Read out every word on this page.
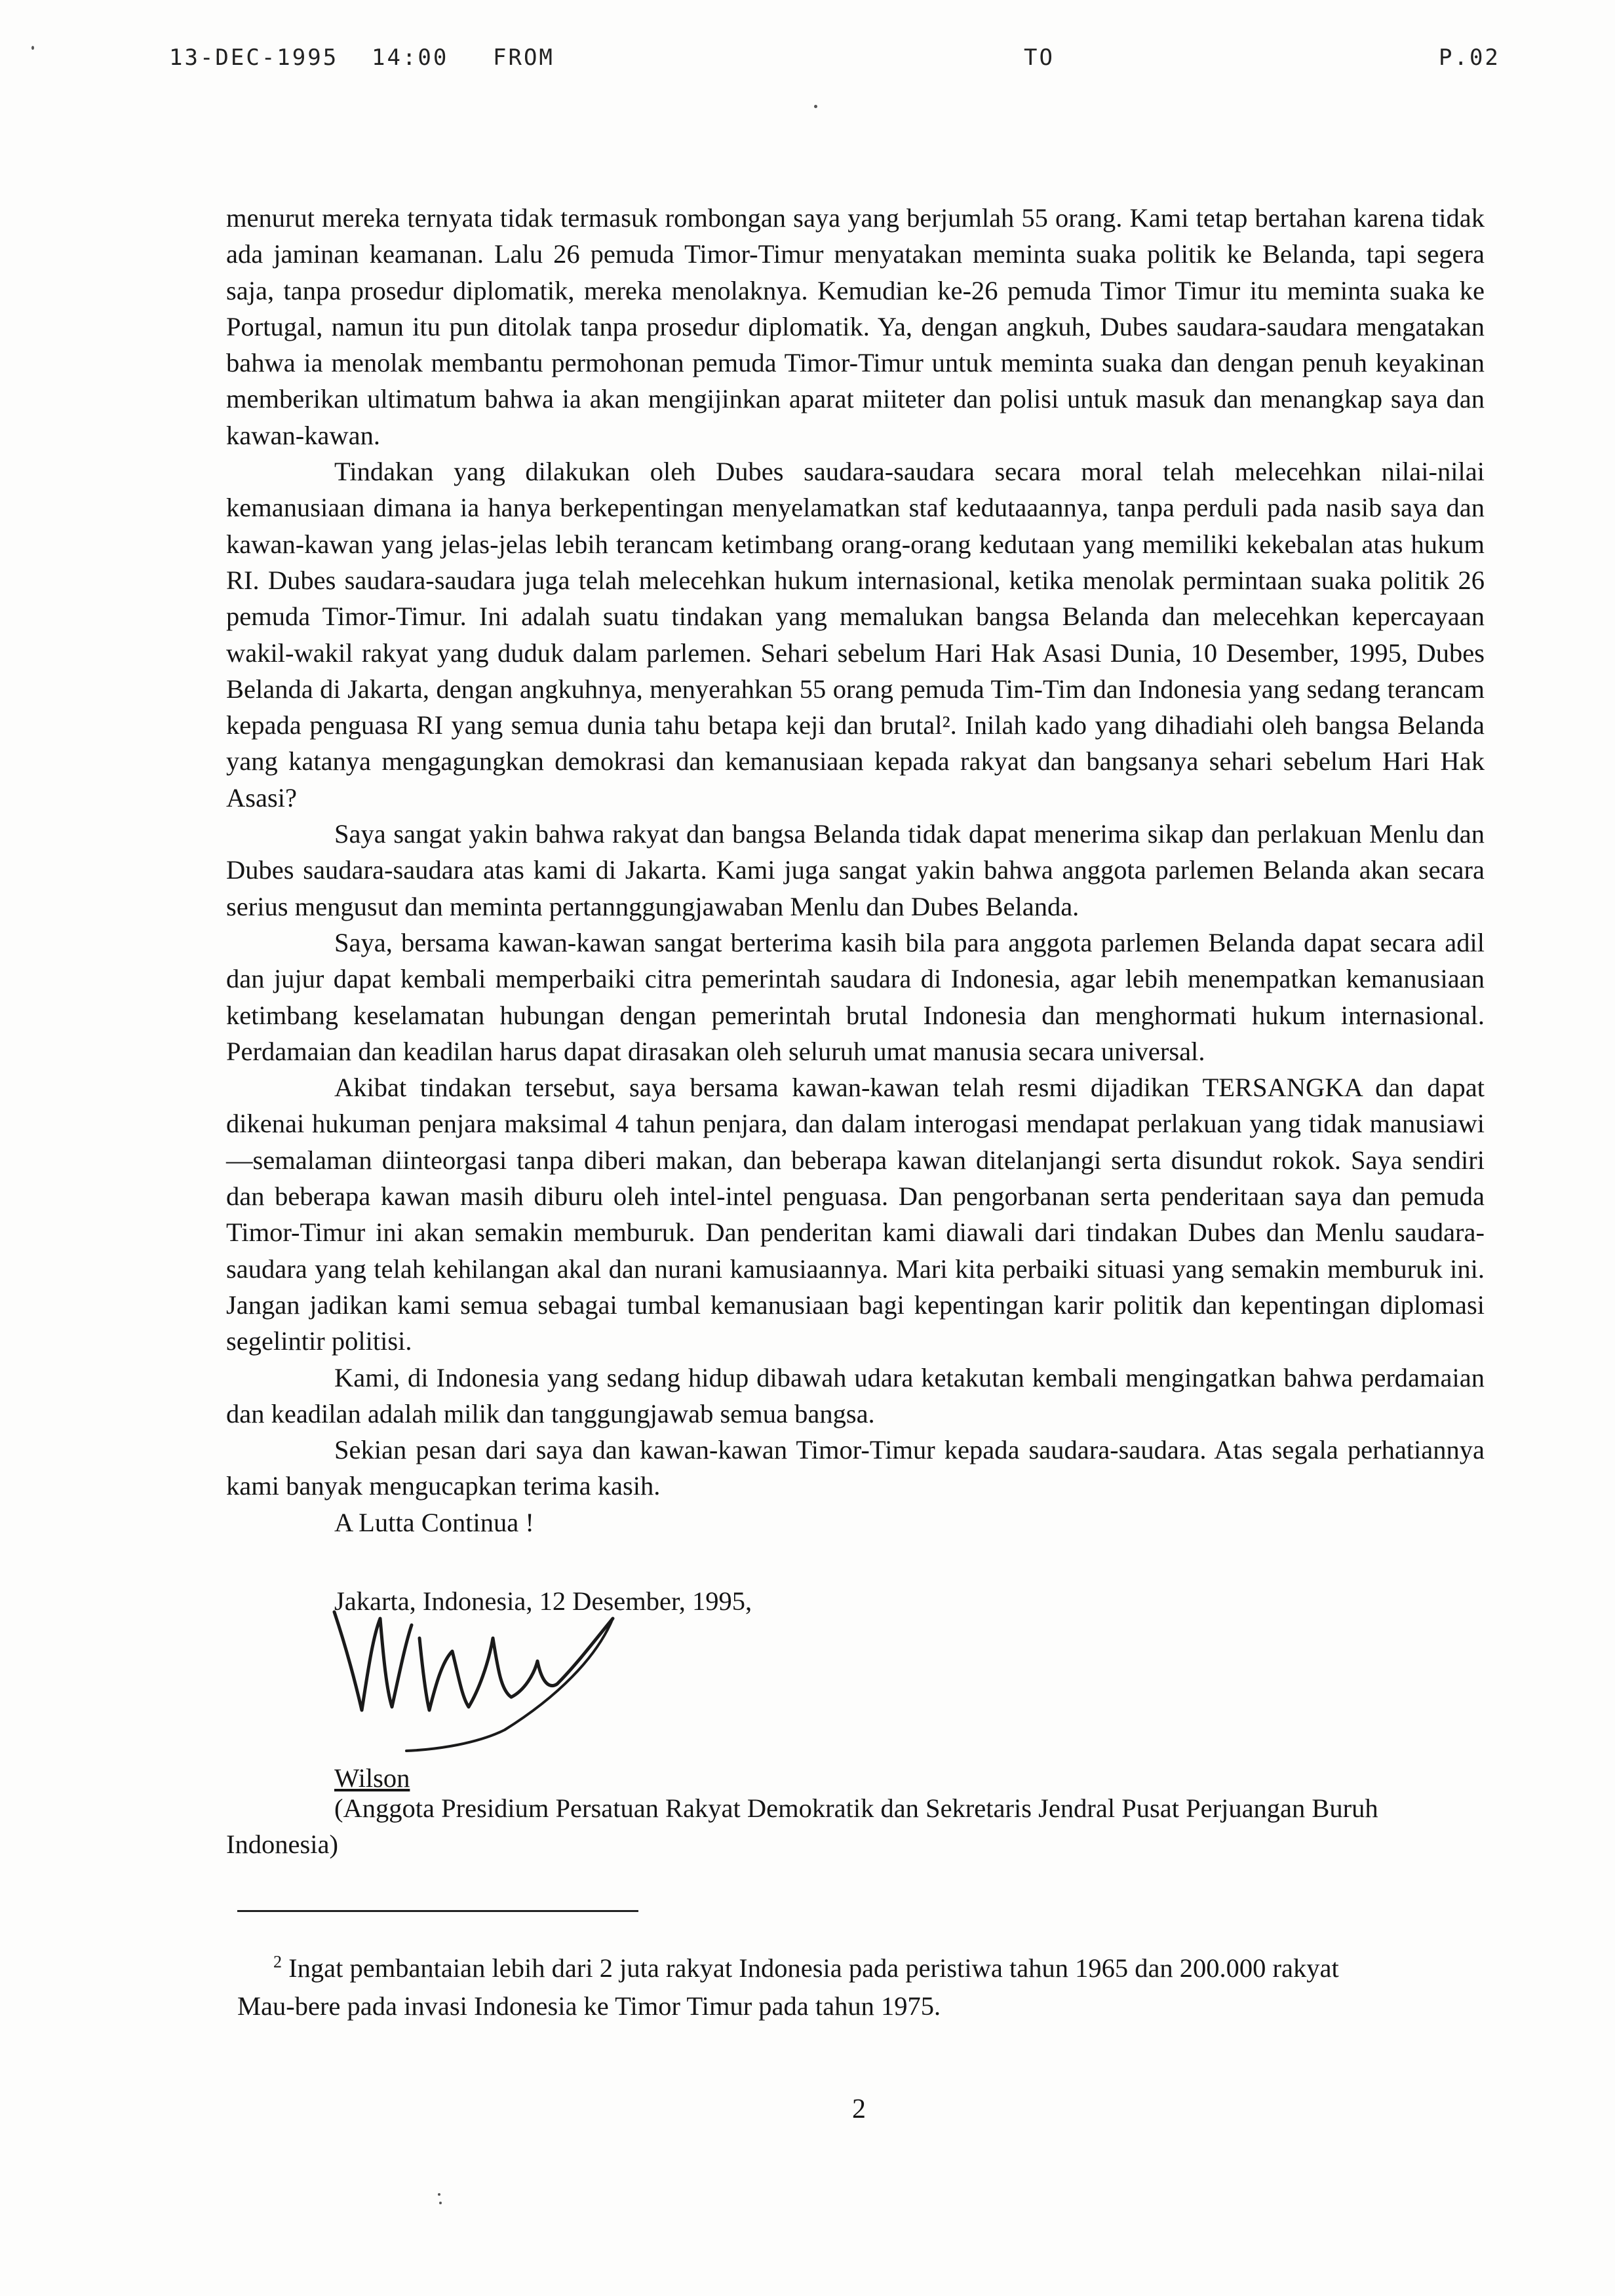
13-DEC-1995 14:00 FROM	TO	P.02

menurut mereka ternyata tidak termasuk rombongan saya yang berjumlah 55 orang. Kami tetap bertahan karena tidak ada jaminan keamanan. Lalu 26 pemuda Timor-Timur menyatakan meminta suaka politik ke Belanda, tapi segera saja, tanpa prosedur diplomatik, mereka menolaknya. Kemudian ke-26 pemuda Timor Timur itu meminta suaka ke Portugal, namun itu pun ditolak tanpa prosedur diplomatik. Ya, dengan angkuh, Dubes saudara-saudara mengatakan bahwa ia menolak membantu permohonan pemuda Timor-Timur untuk meminta suaka dan dengan penuh keyakinan memberikan ultimatum bahwa ia akan mengijinkan aparat miiteter dan polisi untuk masuk dan menangkap saya dan kawan-kawan.

Tindakan yang dilakukan oleh Dubes saudara-saudara secara moral telah melecehkan nilai-nilai kemanusiaan dimana ia hanya berkepentingan menyelamatkan staf kedutaaannya, tanpa perduli pada nasib saya dan kawan-kawan yang jelas-jelas lebih terancam ketimbang orang-orang kedutaan yang memiliki kekebalan atas hukum RI. Dubes saudara-saudara juga telah melecehkan hukum internasional, ketika menolak permintaan suaka politik 26 pemuda Timor-Timur. Ini adalah suatu tindakan yang memalukan bangsa Belanda dan melecehkan kepercayaan wakil-wakil rakyat yang duduk dalam parlemen. Sehari sebelum Hari Hak Asasi Dunia, 10 Desember, 1995, Dubes Belanda di Jakarta, dengan angkuhnya, menyerahkan 55 orang pemuda Tim-Tim dan Indonesia yang sedang terancam kepada penguasa RI yang semua dunia tahu betapa keji dan brutal². Inilah kado yang dihadiahi oleh bangsa Belanda yang katanya mengagungkan demokrasi dan kemanusiaan kepada rakyat dan bangsanya sehari sebelum Hari Hak Asasi?

Saya sangat yakin bahwa rakyat dan bangsa Belanda tidak dapat menerima sikap dan perlakuan Menlu dan Dubes saudara-saudara atas kami di Jakarta. Kami juga sangat yakin bahwa anggota parlemen Belanda akan secara serius mengusut dan meminta pertannggungjawaban Menlu dan Dubes Belanda.

Saya, bersama kawan-kawan sangat berterima kasih bila para anggota parlemen Belanda dapat secara adil dan jujur dapat kembali memperbaiki citra pemerintah saudara di Indonesia, agar lebih menempatkan kemanusiaan ketimbang keselamatan hubungan dengan pemerintah brutal Indonesia dan menghormati hukum internasional. Perdamaian dan keadilan harus dapat dirasakan oleh seluruh umat manusia secara universal.

Akibat tindakan tersebut, saya bersama kawan-kawan telah resmi dijadikan TERSANGKA dan dapat dikenai hukuman penjara maksimal 4 tahun penjara, dan dalam interogasi mendapat perlakuan yang tidak manusiawi —semalaman diinteorgasi tanpa diberi makan, dan beberapa kawan ditelanjangi serta disundut rokok. Saya sendiri dan beberapa kawan masih diburu oleh intel-intel penguasa. Dan pengorbanan serta penderitaan saya dan pemuda Timor-Timur ini akan semakin memburuk. Dan penderitan kami diawali dari tindakan Dubes dan Menlu saudara-saudara yang telah kehilangan akal dan nurani kamusiaannya. Mari kita perbaiki situasi yang semakin memburuk ini. Jangan jadikan kami semua sebagai tumbal kemanusiaan bagi kepentingan karir politik dan kepentingan diplomasi segelintir politisi.

Kami, di Indonesia yang sedang hidup dibawah udara ketakutan kembali mengingatkan bahwa perdamaian dan keadilan adalah milik dan tanggungjawab semua bangsa.

Sekian pesan dari saya dan kawan-kawan Timor-Timur kepada saudara-saudara. Atas segala perhatiannya kami banyak mengucapkan terima kasih.

A Lutta Continua !

Jakarta, Indonesia, 12 Desember, 1995,
Wilson
(Anggota Presidium Persatuan Rakyat Demokratik dan Sekretaris Jendral Pusat Perjuangan Buruh
Indonesia)
$^2$ Ingat pembantaian lebih dari 2 juta rakyat Indonesia pada peristiwa tahun 1965 dan 200.000 rakyat
Mau-bere pada invasi Indonesia ke Timor Timur pada tahun 1975.
2
